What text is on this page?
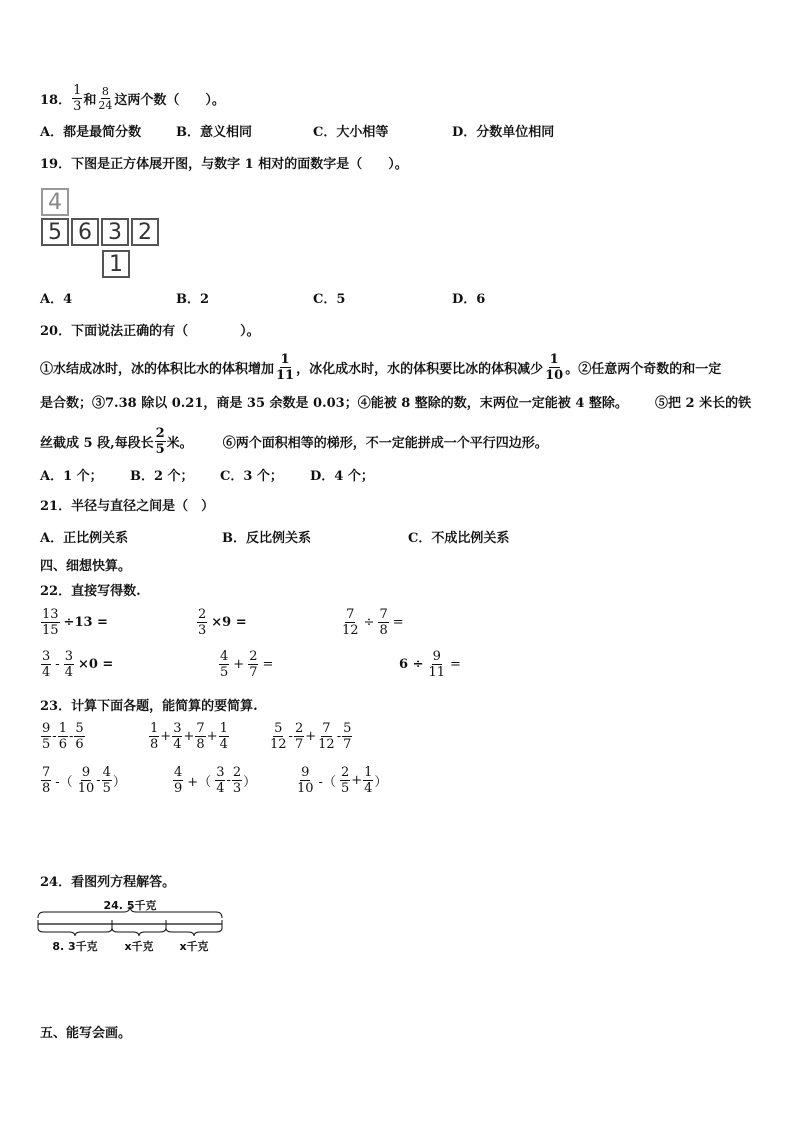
18． $\frac{1}{3}$ 和 $\frac{8}{24}$ 这两个数（　　）。
A．都是最简分数	B．意义相同	C．大小相等	D．分数单位相同
19．下图是正方体展开图，与数字 1 相对的面数字是（　　）。
4
5 6 3 2
1
A．4	B．2	C．5	D．6
20．下面说法正确的有（　　　　）。
①水结成冰时，冰的体积比水的体积增加 $\frac{1}{11}$ ，冰化成水时，水的体积要比冰的体积减少 $\frac{1}{10}$ 。②任意两个奇数的和一定
是合数；③7.38 除以 0.21，商是 35 余数是 0.03；④能被 8 整除的数，末两位一定能被 4 整除。 ⑤把 2 米长的铁
丝截成 5 段,每段长 $\frac{2}{5}$ 米。 ⑥两个面积相等的梯形，不一定能拼成一个平行四边形。
A．1 个； B．2 个； C．3 个； D．4 个；
21．半径与直径之间是（　）
A．正比例关系	B．反比例关系	C．不成比例关系
四、细想快算。
22．直接写得数.
$\frac{13}{15} \div 13$ =	$\frac{2}{3} \times 9$ =	$\frac{7}{12} \div \frac{7}{8}$ =
$\frac{3}{4} - \frac{3}{4} \times 0$ =	$\frac{4}{5} + \frac{2}{7}$ =	$6 \div \frac{9}{11}$ =
23．计算下面各题，能简算的要简算.
$\frac{9}{5} - \frac{1}{6} - \frac{5}{6}$	$\frac{1}{8} + \frac{3}{4} + \frac{7}{8} + \frac{1}{4}$	$\frac{5}{12} - \frac{2}{7} + \frac{7}{12} - \frac{5}{7}$
$\frac{7}{8}$ -（ $\frac{9}{10} - \frac{4}{5}$ ）	$\frac{4}{9}$ +（ $\frac{3}{4} - \frac{2}{3}$ ）	$\frac{9}{10}$ -（ $\frac{2}{5} + \frac{1}{4}$ ）
24．看图列方程解答。
24. 5千克
8. 3千克 x千克 x千克
五、能写会画。
